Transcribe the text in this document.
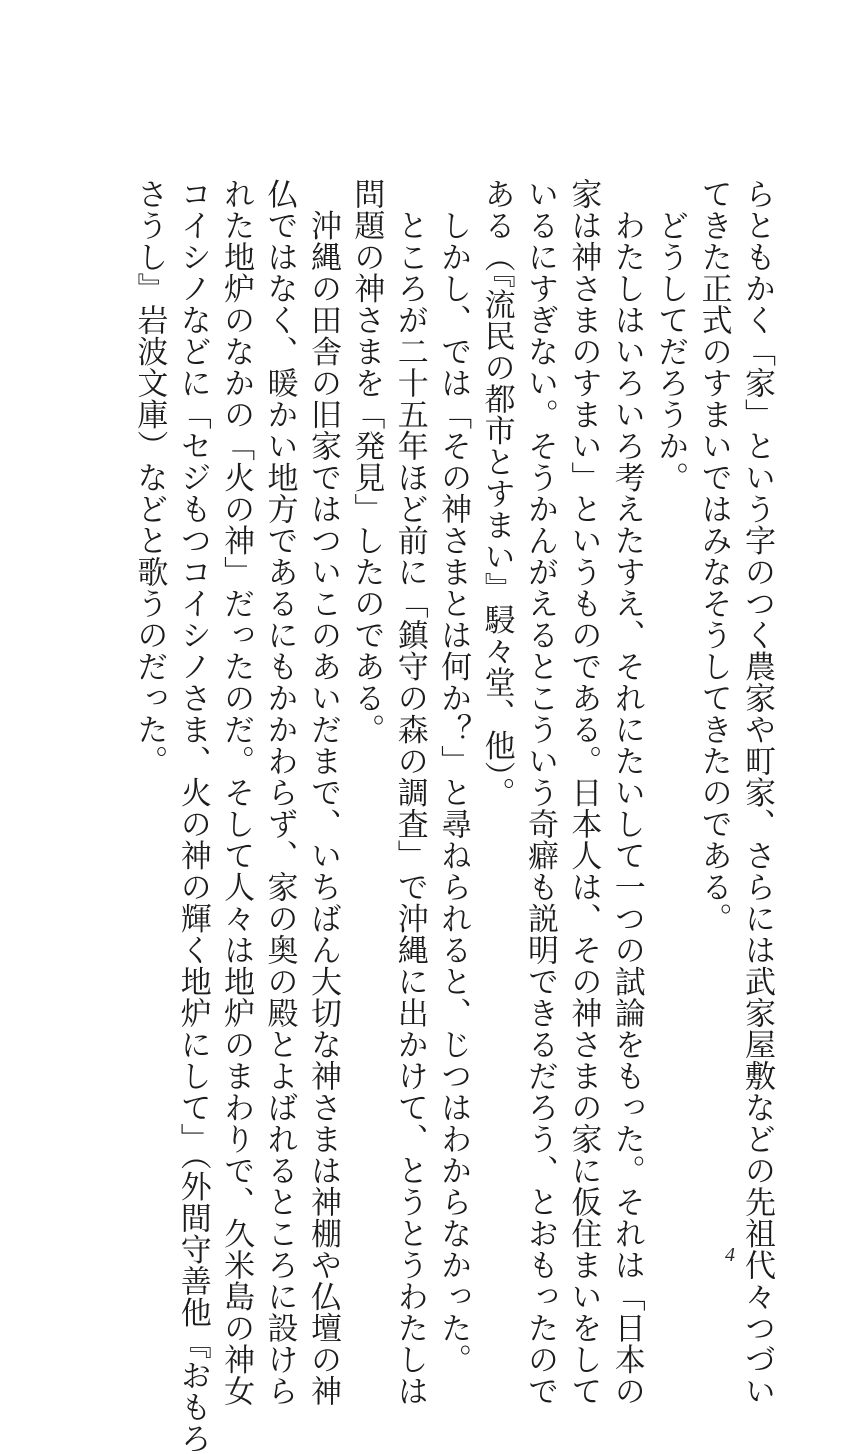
らともかく「家」という字のつく農家や町家、さらには武家屋敷などの先祖代々つづい
てきた正式のすまいではみなそうしてきたのである。
　どうしてだろうか。
　わたしはいろいろ考えたすえ、それにたいして一つの試論をもった。それは「日本の
家は神さまのすまい」というものである。日本人は、その神さまの家に仮住まいをして
いるにすぎない。そうかんがえるとこういう奇癖も説明できるだろう、とおもったので
ある（『流民の都市とすまい』駸々堂、他）。
　しかし、では「その神さまとは何か？」と尋ねられると、じつはわからなかった。
　ところが二十五年ほど前に「鎮守の森の調査」で沖縄に出かけて、とうとうわたしは
問題の神さまを「発見」したのである。
　沖縄の田舎の旧家ではついこのあいだまで、いちばん大切な神さまは神棚や仏壇の神
仏ではなく、暖かい地方であるにもかかわらず、家の奥の殿とよばれるところに設けら
れた地炉のなかの「火の神」だったのだ。そして人々は地炉のまわりで、久米島の神女
コイシノなどに「セジもつコイシノさま、火の神の輝く地炉にして」（外間守善他『おもろ
さうし』岩波文庫）などと歌うのだった。
4
